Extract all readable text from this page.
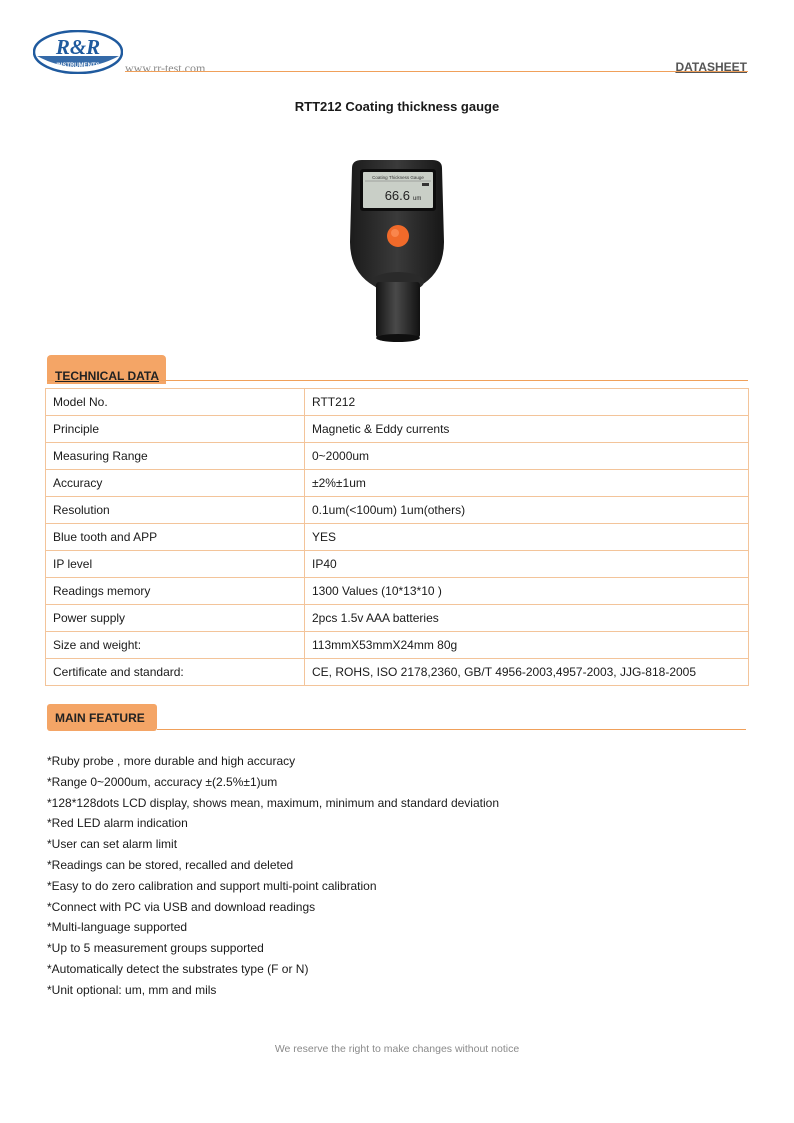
R&R
INSTRUMENTS www.rr-test.com	DATASHEET
RTT212 Coating thickness gauge
Coating Thickness Gauge
66.6 um
TECHNICAL DATA
Model No.	RTT212
Principle	Magnetic & Eddy currents
Measuring Range	0~2000um
Accuracy	±2%±1um
Resolution	0.1um(<100um) 1um(others)
Blue tooth and APP	YES
IP level	IP40
Readings memory	1300 Values (10*13*10 )
Power supply	2pcs 1.5v AAA batteries
Size and weight:	113mmX53mmX24mm 80g
Certificate and standard:	CE, ROHS, ISO 2178,2360, GB/T 4956-2003,4957-2003, JJG-818-2005
MAIN FEATURE
*Ruby probe , more durable and high accuracy
*Range 0~2000um, accuracy ±(2.5%±1)um
*128*128dots LCD display, shows mean, maximum, minimum and standard deviation
*Red LED alarm indication
*User can set alarm limit
*Readings can be stored, recalled and deleted
*Easy to do zero calibration and support multi-point calibration
*Connect with PC via USB and download readings
*Multi-language supported
*Up to 5 measurement groups supported
*Automatically detect the substrates type (F or N)
*Unit optional: um, mm and mils
We reserve the right to make changes without notice
